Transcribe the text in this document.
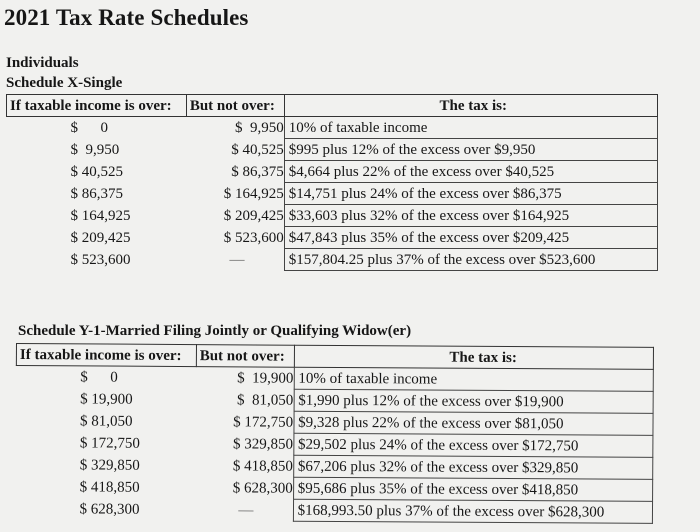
2021 Tax Rate Schedules
Individuals
Schedule X-Single
If taxable income is over:	But not over:	The tax is:
$      0	$  9,950	10% of taxable income
$  9,950	$ 40,525	$995 plus 12% of the excess over $9,950
$ 40,525	$ 86,375	$4,664 plus 22% of the excess over $40,525
$ 86,375	$ 164,925	$14,751 plus 24% of the excess over $86,375
$ 164,925	$ 209,425	$33,603 plus 32% of the excess over $164,925
$ 209,425	$ 523,600	$47,843 plus 35% of the excess over $209,425
$ 523,600	—	$157,804.25 plus 37% of the excess over $523,600
Schedule Y-1-Married Filing Jointly or Qualifying Widow(er)
If taxable income is over:	But not over:	The tax is:
$      0	$  19,900	10% of taxable income
$ 19,900	$  81,050	$1,990 plus 12% of the excess over $19,900
$ 81,050	$ 172,750	$9,328 plus 22% of the excess over $81,050
$ 172,750	$ 329,850	$29,502 plus 24% of the excess over $172,750
$ 329,850	$ 418,850	$67,206 plus 32% of the excess over $329,850
$ 418,850	$ 628,300	$95,686 plus 35% of the excess over $418,850
$ 628,300	—	$168,993.50 plus 37% of the excess over $628,300
